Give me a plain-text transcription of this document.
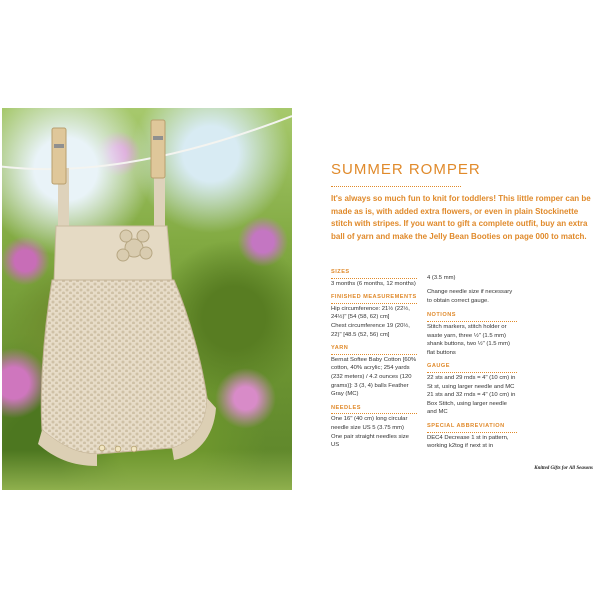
SUMMER ROMPER

It's always so much fun to knit for toddlers! This little romper can be made as is, with added extra flowers, or even in plain Stockinette stitch with stripes. If you want to gift a complete outfit, buy an extra ball of yarn and make the Jelly Bean Booties on page 000 to match.

SIZES

3 months (6 months, 12 months)

FINISHED MEASUREMENTS

Hip circumference: 21½ (22½, 24½)" [54 (58, 62) cm]

Chest circumference 19 (20½, 22)" [48.5 (52, 56) cm]

YARN

Bernat Softee Baby Cotton [60% cotton, 40% acrylic; 254 yards (232 meters) / 4.2 ounces (120 grams)]: 3 (3, 4) balls Feather Gray (MC)

NEEDLES

One 16" (40 cm) long circular needle size US 5 (3.75 mm)

One pair straight needles size US

4 (3.5 mm)

Change needle size if necessary to obtain correct gauge.

NOTIONS

Stitch markers, stitch holder or waste yarn, three ½" (1.5 mm) shank buttons, two ½" (1.5 mm) flat buttons

GAUGE

22 sts and 29 rnds = 4" (10 cm) in St st, using larger needle and MC

21 sts and 32 rnds = 4" (10 cm) in Box Stitch, using larger needle and MC

SPECIAL ABBREVIATION

DEC4 Decrease 1 st in pattern, working k2tog if next st in

Knitted Gifts for All Seasons
